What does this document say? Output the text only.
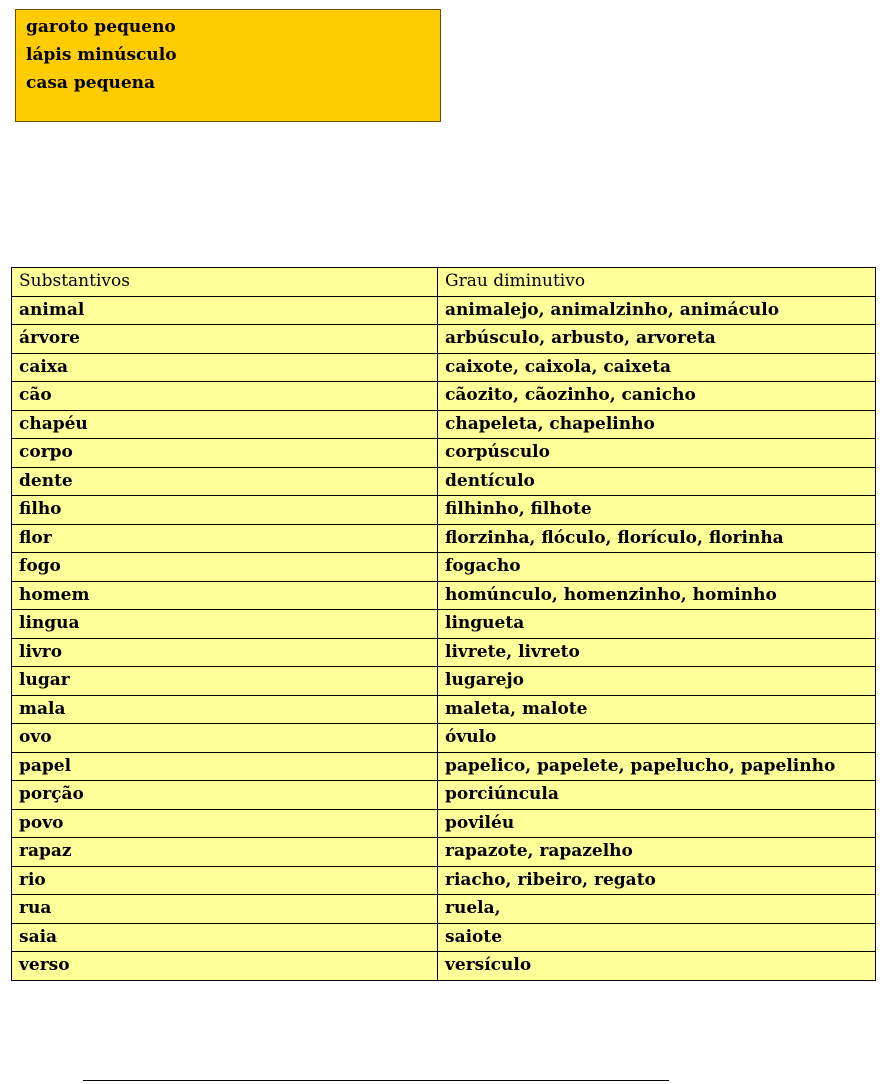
garoto pequeno
lápis minúsculo
casa pequena
Substantivos	Grau diminutivo
animal	animalejo, animalzinho, animáculo
árvore	arbúsculo, arbusto, arvoreta
caixa	caixote, caixola, caixeta
cão	cãozito, cãozinho, canicho
chapéu	chapeleta, chapelinho
corpo	corpúsculo
dente	dentículo
filho	filhinho, filhote
flor	florzinha, flóculo, florículo, florinha
fogo	fogacho
homem	homúnculo, homenzinho, hominho
lingua	lingueta
livro	livrete, livreto
lugar	lugarejo
mala	maleta, malote
ovo	óvulo
papel	papelico, papelete, papelucho, papelinho
porção	porciúncula
povo	poviléu
rapaz	rapazote, rapazelho
rio	riacho, ribeiro, regato
rua	ruela,
saia	saiote
verso	versículo
